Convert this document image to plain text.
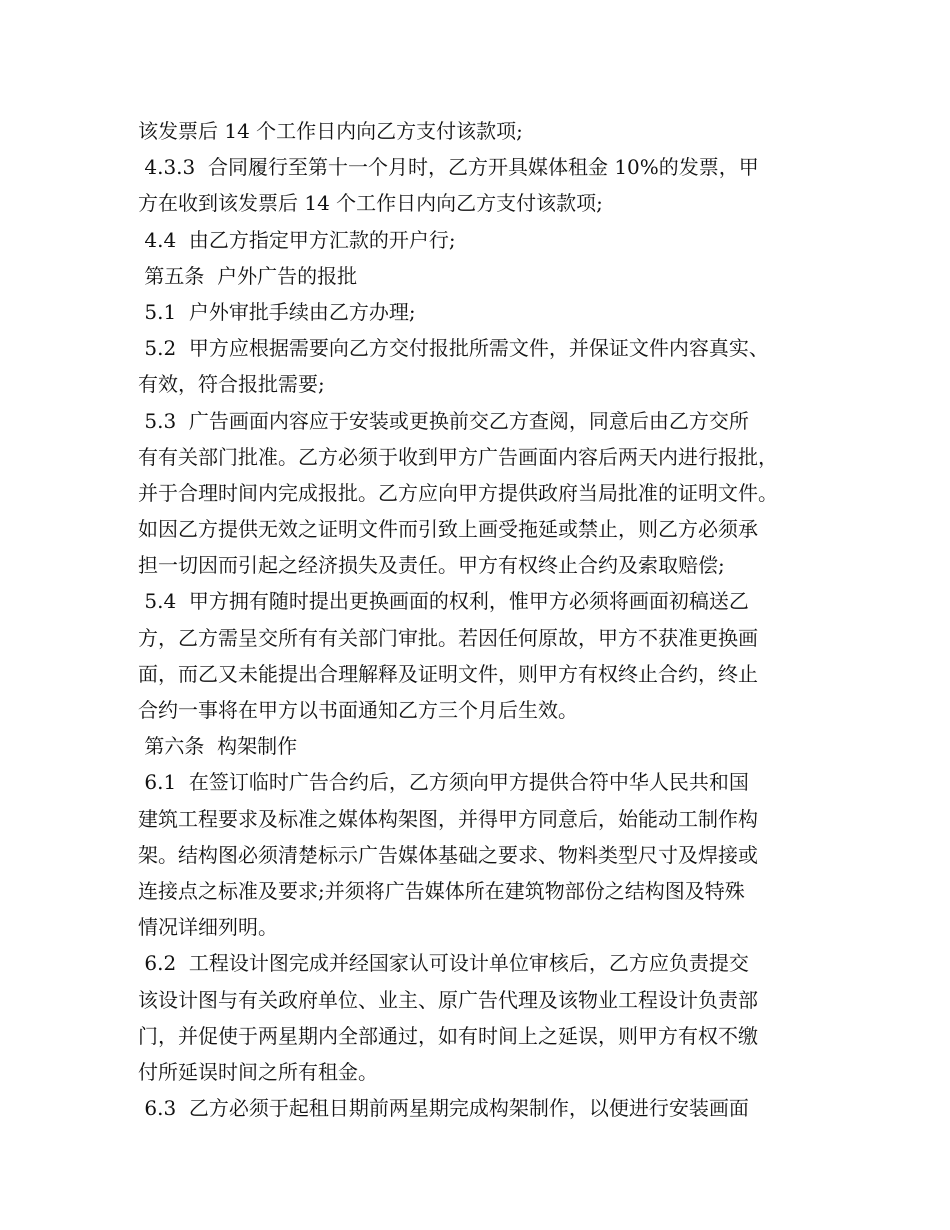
该发票后 14 个工作日内向乙方支付该款项;
4.3.3  合同履行至第十一个月时，乙方开具媒体租金 10%的发票，甲
方在收到该发票后 14 个工作日内向乙方支付该款项;
4.4  由乙方指定甲方汇款的开户行;
第五条  户外广告的报批
5.1  户外审批手续由乙方办理;
5.2  甲方应根据需要向乙方交付报批所需文件，并保证文件内容真实、
有效，符合报批需要;
5.3  广告画面内容应于安装或更换前交乙方查阅，同意后由乙方交所
有有关部门批准。乙方必须于收到甲方广告画面内容后两天内进行报批，
并于合理时间内完成报批。乙方应向甲方提供政府当局批准的证明文件。
如因乙方提供无效之证明文件而引致上画受拖延或禁止，则乙方必须承
担一切因而引起之经济损失及责任。甲方有权终止合约及索取赔偿;
5.4  甲方拥有随时提出更换画面的权利，惟甲方必须将画面初稿送乙
方，乙方需呈交所有有关部门审批。若因任何原故，甲方不获准更换画
面，而乙又未能提出合理解释及证明文件，则甲方有权终止合约，终止
合约一事将在甲方以书面通知乙方三个月后生效。
第六条  构架制作
6.1  在签订临时广告合约后，乙方须向甲方提供合符中华人民共和国
建筑工程要求及标准之媒体构架图，并得甲方同意后，始能动工制作构
架。结构图必须清楚标示广告媒体基础之要求、物料类型尺寸及焊接或
连接点之标准及要求;并须将广告媒体所在建筑物部份之结构图及特殊
情况详细列明。
6.2  工程设计图完成并经国家认可设计单位审核后，乙方应负责提交
该设计图与有关政府单位、业主、原广告代理及该物业工程设计负责部
门，并促使于两星期内全部通过，如有时间上之延误，则甲方有权不缴
付所延误时间之所有租金。
6.3  乙方必须于起租日期前两星期完成构架制作，以便进行安装画面
